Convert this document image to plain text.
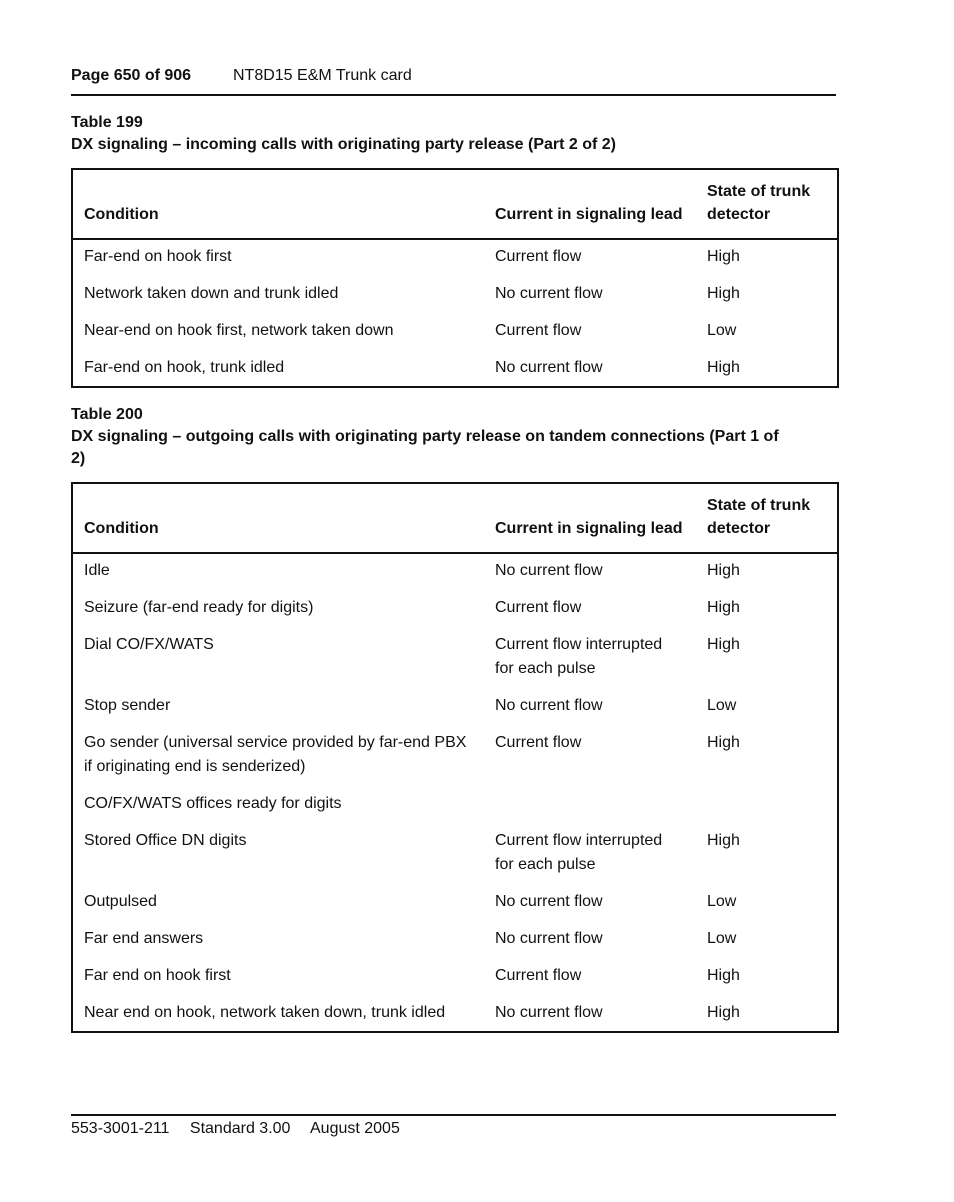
Page 650 of 906	NT8D15 E&M Trunk card
Table 199
DX signaling – incoming calls with originating party release (Part 2 of 2)
Condition	Current in signaling lead	State of trunk detector
Far-end on hook first	Current flow	High
Network taken down and trunk idled	No current flow	High
Near-end on hook first, network taken down	Current flow	Low
Far-end on hook, trunk idled	No current flow	High
Table 200
DX signaling – outgoing calls with originating party release on tandem connections (Part 1 of 2)
Condition	Current in signaling lead	State of trunk detector
Idle	No current flow	High
Seizure (far-end ready for digits)	Current flow	High
Dial CO/FX/WATS	Current flow interrupted for each pulse	High
Stop sender	No current flow	Low
Go sender (universal service provided by far-end PBX if originating end is senderized)	Current flow	High
CO/FX/WATS offices ready for digits		
Stored Office DN digits	Current flow interrupted for each pulse	High
Outpulsed	No current flow	Low
Far end answers	No current flow	Low
Far end on hook first	Current flow	High
Near end on hook, network taken down, trunk idled	No current flow	High
553-3001-211 Standard 3.00 August 2005
